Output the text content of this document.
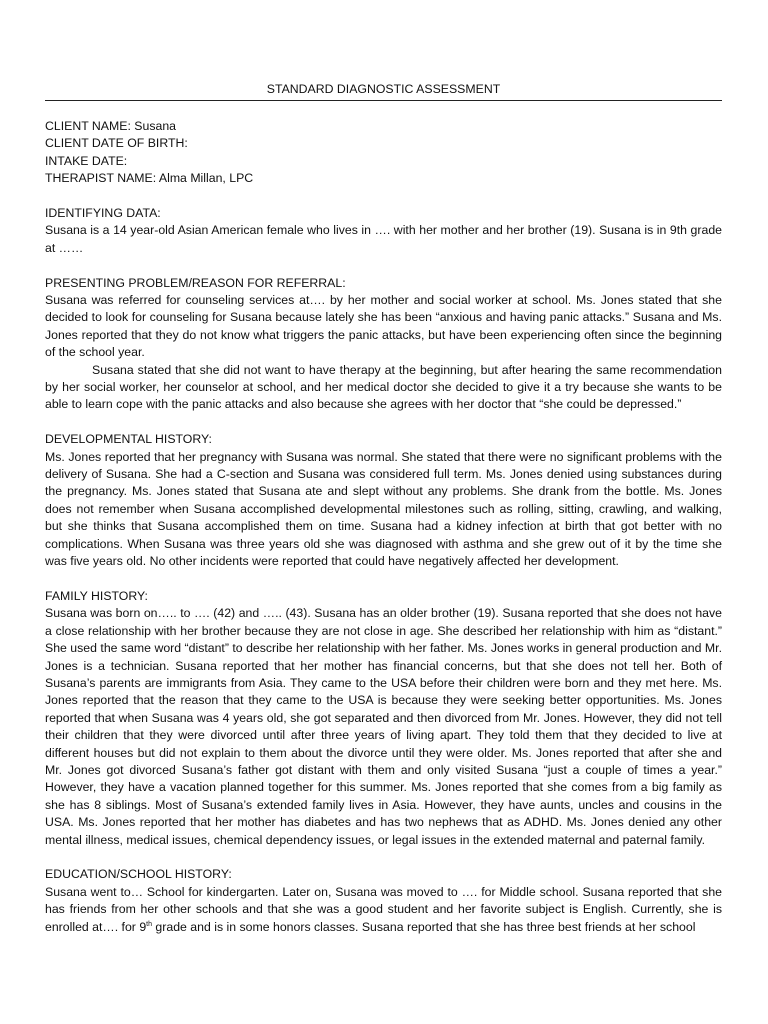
STANDARD DIAGNOSTIC ASSESSMENT

CLIENT NAME: Susana

CLIENT DATE OF BIRTH:

INTAKE DATE:

THERAPIST NAME: Alma Millan, LPC

IDENTIFYING DATA:

Susana is a 14 year-old Asian American female who lives in …. with her mother and her brother (19). Susana is in 9th grade at ……

PRESENTING PROBLEM/REASON FOR REFERRAL:

Susana was referred for counseling services at…. by her mother and social worker at school. Ms. Jones stated that she decided to look for counseling for Susana because lately she has been “anxious and having panic attacks.” Susana and Ms. Jones reported that they do not know what triggers the panic attacks, but have been experiencing often since the beginning of the school year.

Susana stated that she did not want to have therapy at the beginning, but after hearing the same recommendation by her social worker, her counselor at school, and her medical doctor she decided to give it a try because she wants to be able to learn cope with the panic attacks and also because she agrees with her doctor that “she could be depressed.”

DEVELOPMENTAL HISTORY:

Ms. Jones reported that her pregnancy with Susana was normal. She stated that there were no significant problems with the delivery of Susana. She had a C-section and Susana was considered full term. Ms. Jones denied using substances during the pregnancy. Ms. Jones stated that Susana ate and slept without any problems. She drank from the bottle. Ms. Jones does not remember when Susana accomplished developmental milestones such as rolling, sitting, crawling, and walking, but she thinks that Susana accomplished them on time. Susana had a kidney infection at birth that got better with no complications. When Susana was three years old she was diagnosed with asthma and she grew out of it by the time she was five years old. No other incidents were reported that could have negatively affected her development.

FAMILY HISTORY:

Susana was born on….. to …. (42) and ….. (43). Susana has an older brother (19). Susana reported that she does not have a close relationship with her brother because they are not close in age. She described her relationship with him as “distant.” She used the same word “distant” to describe her relationship with her father. Ms. Jones works in general production and Mr. Jones is a technician. Susana reported that her mother has financial concerns, but that she does not tell her. Both of Susana’s parents are immigrants from Asia. They came to the USA before their children were born and they met here. Ms. Jones reported that the reason that they came to the USA is because they were seeking better opportunities. Ms. Jones reported that when Susana was 4 years old, she got separated and then divorced from Mr. Jones. However, they did not tell their children that they were divorced until after three years of living apart. They told them that they decided to live at different houses but did not explain to them about the divorce until they were older. Ms. Jones reported that after she and Mr. Jones got divorced Susana’s father got distant with them and only visited Susana “just a couple of times a year.” However, they have a vacation planned together for this summer. Ms. Jones reported that she comes from a big family as she has 8 siblings. Most of Susana’s extended family lives in Asia. However, they have aunts, uncles and cousins in the USA. Ms. Jones reported that her mother has diabetes and has two nephews that as ADHD. Ms. Jones denied any other mental illness, medical issues, chemical dependency issues, or legal issues in the extended maternal and paternal family.

EDUCATION/SCHOOL HISTORY:

Susana went to… School for kindergarten. Later on, Susana was moved to …. for Middle school. Susana reported that she has friends from her other schools and that she was a good student and her favorite subject is English. Currently, she is enrolled at…. for 9th grade and is in some honors classes. Susana reported that she has three best friends at her school
